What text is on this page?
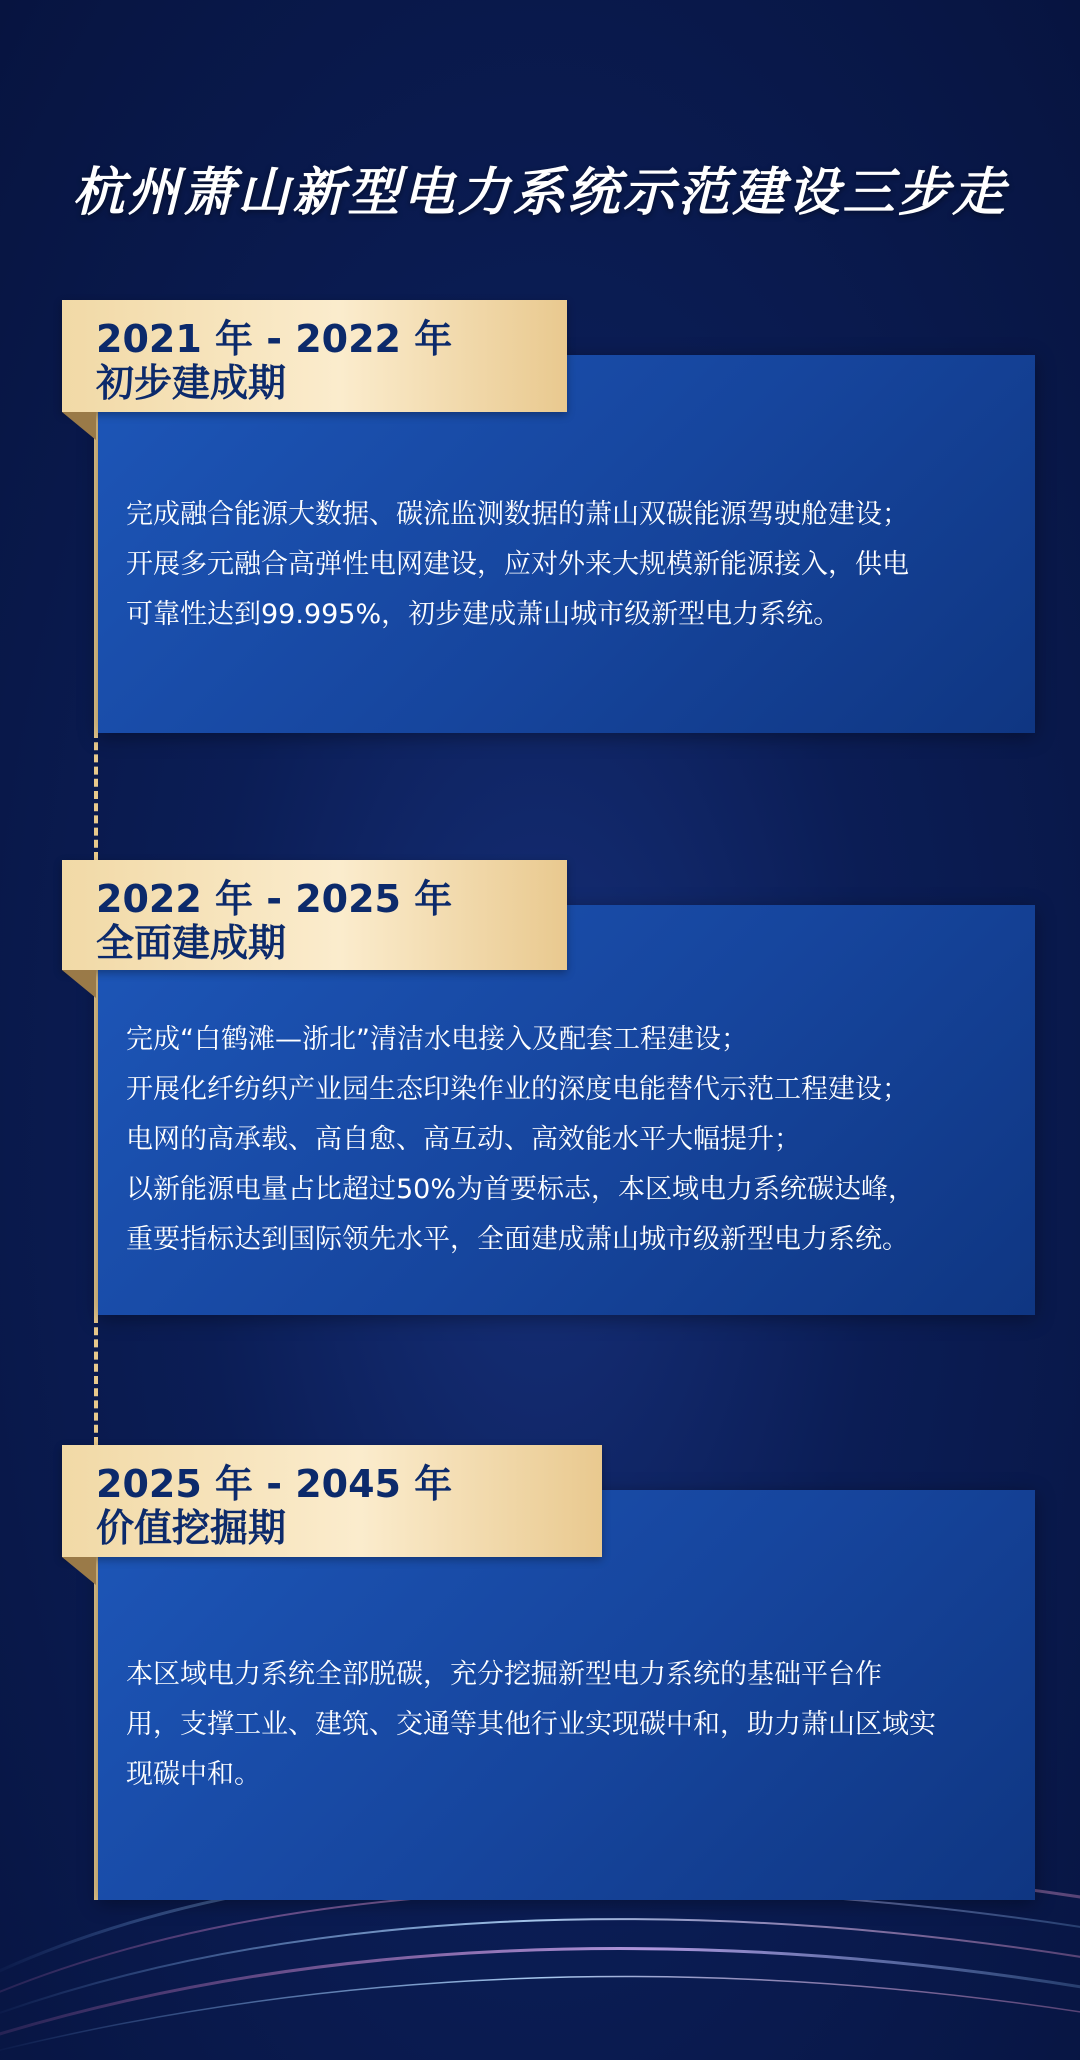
杭州萧山新型电力系统示范建设三步走

完成融合能源大数据、碳流监测数据的萧山双碳能源驾驶舱建设；

开展多元融合高弹性电网建设，应对外来大规模新能源接入，供电

可靠性达到99.995%，初步建成萧山城市级新型电力系统。

2021 年 - 2022 年
初步建成期

完成“白鹤滩—浙北”清洁水电接入及配套工程建设；

开展化纤纺织产业园生态印染作业的深度电能替代示范工程建设；

电网的高承载、高自愈、高互动、高效能水平大幅提升；

以新能源电量占比超过50%为首要标志，本区域电力系统碳达峰，

重要指标达到国际领先水平，全面建成萧山城市级新型电力系统。

2022 年 - 2025 年
全面建成期

本区域电力系统全部脱碳，充分挖掘新型电力系统的基础平台作

用，支撑工业、建筑、交通等其他行业实现碳中和，助力萧山区域实

现碳中和。

2025 年 - 2045 年
价值挖掘期
